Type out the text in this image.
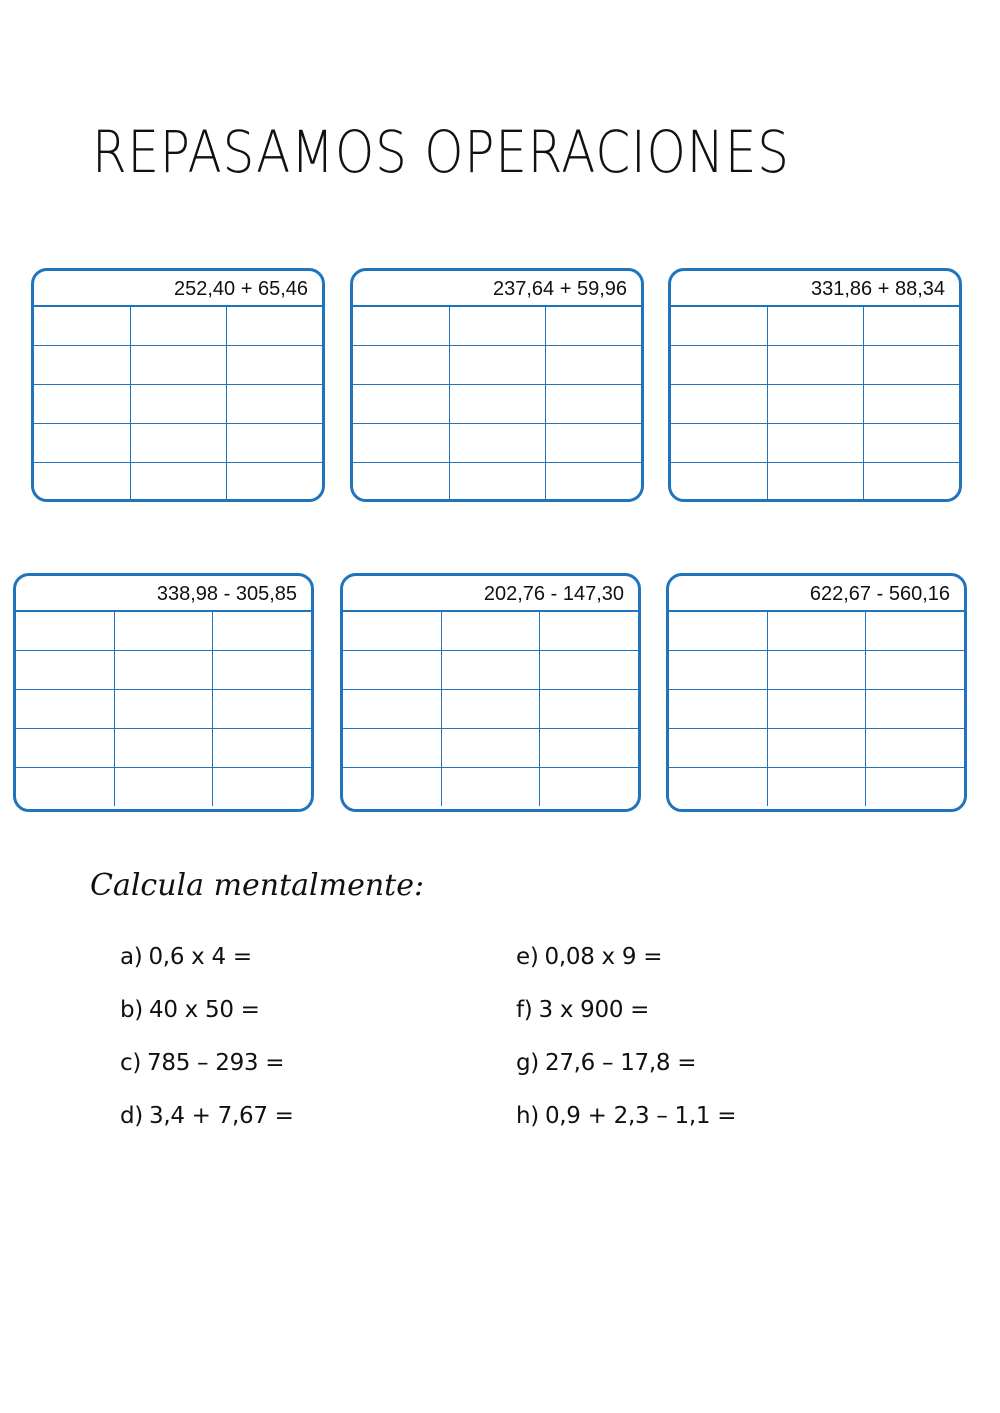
REPASAMOS OPERACIONES
252,40 + 65,46

			237,64 + 59,96

			331,86 + 88,34

338,98 - 305,85

			202,76 - 147,30

			622,67 - 560,16

Calcula mentalmente:
a) 0,6 x 4 =
b) 40 x 50 =
c) 785 – 293 =
d) 3,4 + 7,67 =
e) 0,08 x 9 =
f) 3 x 900 =
g) 27,6 – 17,8 =
h) 0,9 + 2,3 – 1,1 =
